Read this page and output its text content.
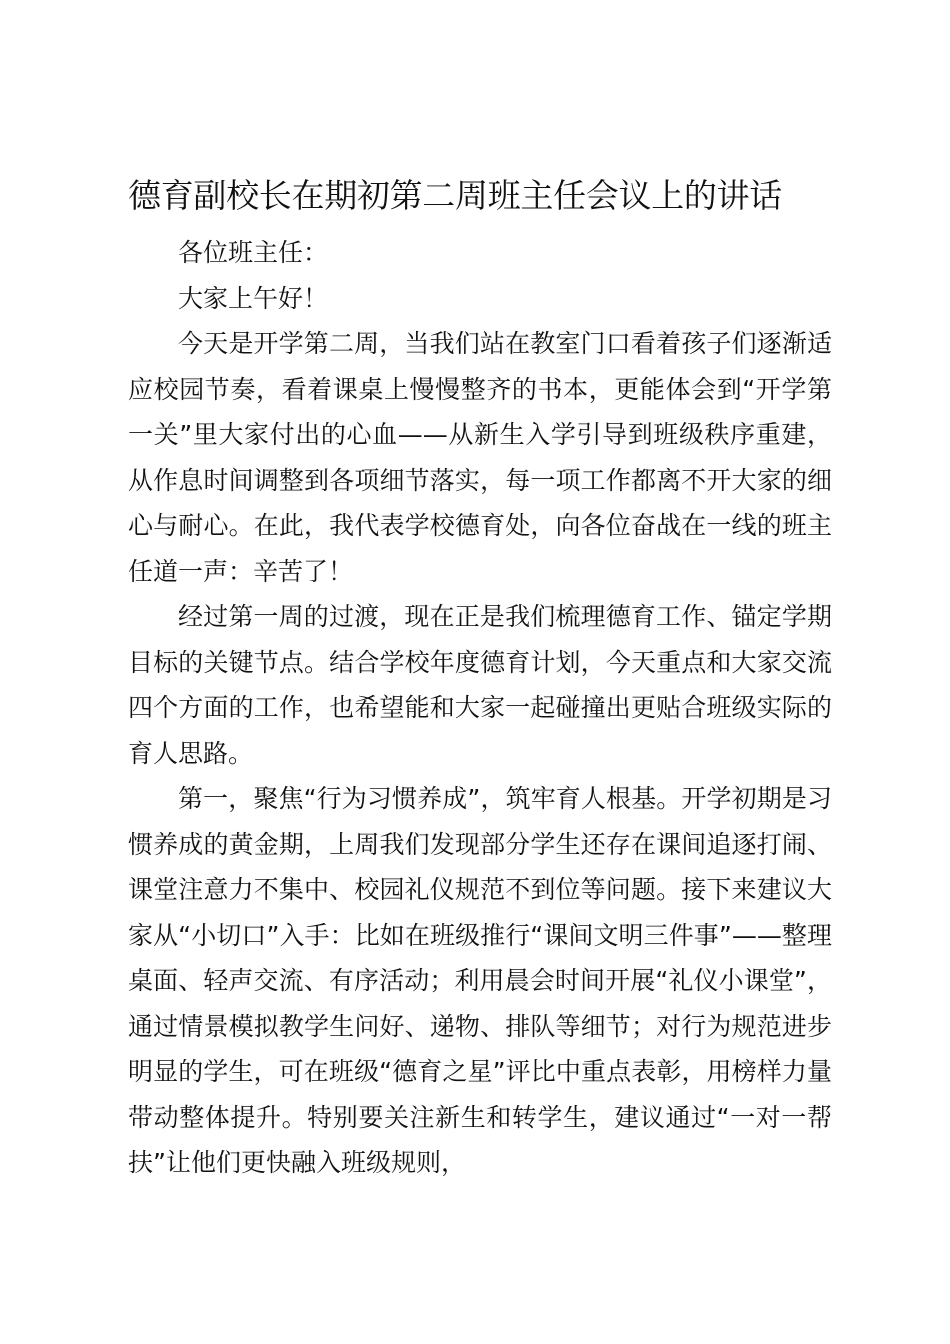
德育副校长在期初第二周班主任会议上的讲话

各位班主任：

大家上午好！

今天是开学第二周，当我们站在教室门口看着孩子们逐渐适应校园节奏，看着课桌上慢慢整齐的书本，更能体会到“开学第一关”里大家付出的心血——从新生入学引导到班级秩序重建，从作息时间调整到各项细节落实，每一项工作都离不开大家的细心与耐心。在此，我代表学校德育处，向各位奋战在一线的班主任道一声：辛苦了！

经过第一周的过渡，现在正是我们梳理德育工作、锚定学期目标的关键节点。结合学校年度德育计划，今天重点和大家交流四个方面的工作，也希望能和大家一起碰撞出更贴合班级实际的育人思路。

第一，聚焦“行为习惯养成”，筑牢育人根基。开学初期是习惯养成的黄金期，上周我们发现部分学生还存在课间追逐打闹、课堂注意力不集中、校园礼仪规范不到位等问题。接下来建议大家从“小切口”入手：比如在班级推行“课间文明三件事”——整理桌面、轻声交流、有序活动；利用晨会时间开展“礼仪小课堂”，通过情景模拟教学生问好、递物、排队等细节；对行为规范进步明显的学生，可在班级“德育之星”评比中重点表彰，用榜样力量带动整体提升。特别要关注新生和转学生，建议通过“一对一帮扶”让他们更快融入班级规则，
